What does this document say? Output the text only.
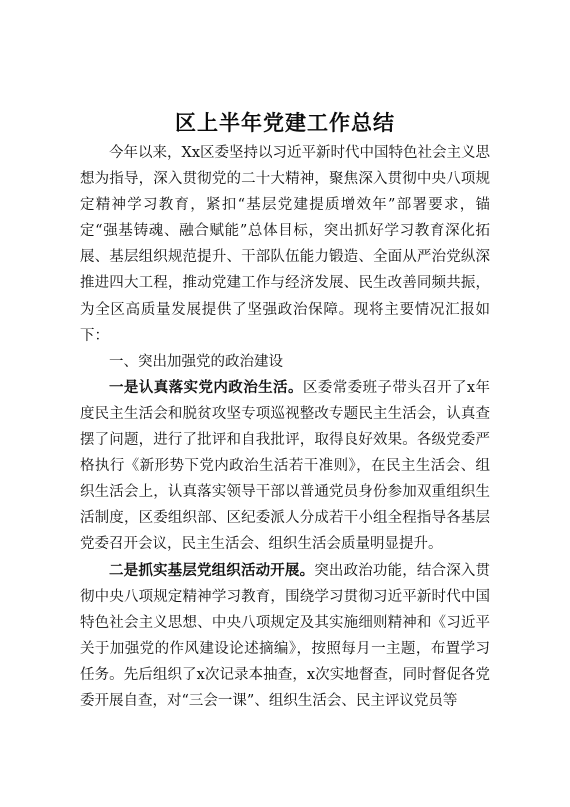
区上半年党建工作总结

今年以来，Xx区委坚持以习近平新时代中国特色社会主义思想为指导，深入贯彻党的二十大精神，聚焦深入贯彻中央八项规定精神学习教育，紧扣“基层党建提质增效年”部署要求，锚定“强基铸魂、融合赋能”总体目标，突出抓好学习教育深化拓展、基层组织规范提升、干部队伍能力锻造、全面从严治党纵深推进四大工程，推动党建工作与经济发展、民生改善同频共振，为全区高质量发展提供了坚强政治保障。现将主要情况汇报如下：

一、突出加强党的政治建设

一是认真落实党内政治生活。区委常委班子带头召开了x年度民主生活会和脱贫攻坚专项巡视整改专题民主生活会，认真查摆了问题，进行了批评和自我批评，取得良好效果。各级党委严格执行《新形势下党内政治生活若干准则》，在民主生活会、组织生活会上，认真落实领导干部以普通党员身份参加双重组织生活制度，区委组织部、区纪委派人分成若干小组全程指导各基层党委召开会议，民主生活会、组织生活会质量明显提升。

二是抓实基层党组织活动开展。突出政治功能，结合深入贯彻中央八项规定精神学习教育，围绕学习贯彻习近平新时代中国特色社会主义思想、中央八项规定及其实施细则精神和《习近平关于加强党的作风建设论述摘编》，按照每月一主题，布置学习任务。先后组织了x次记录本抽查，x次实地督查，同时督促各党委开展自查，对“三会一课”、组织生活会、民主评议党员等
